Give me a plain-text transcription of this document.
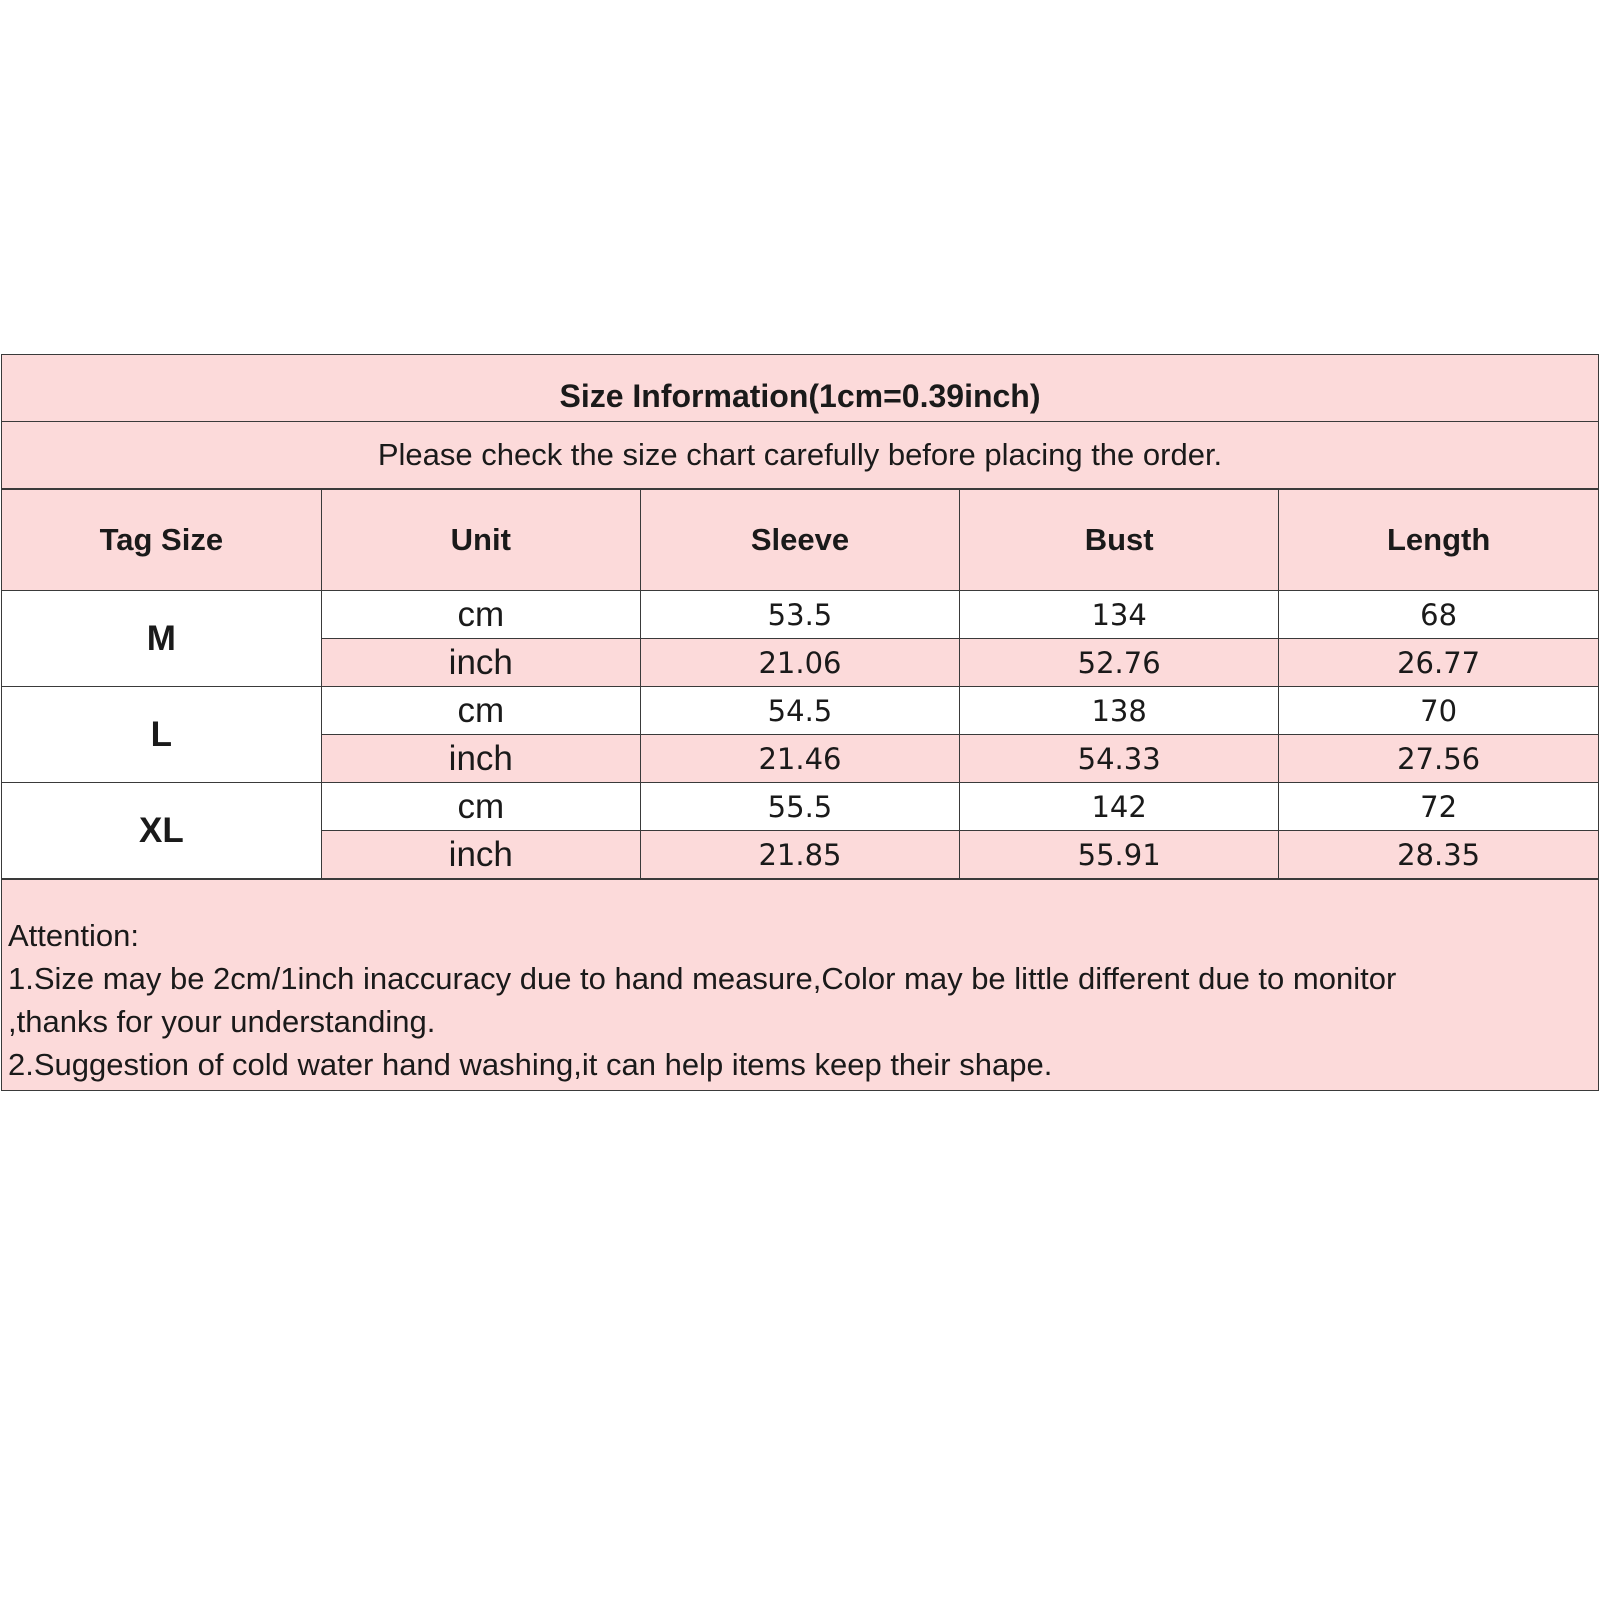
Size Information(1cm=0.39inch)
Please check the size chart carefully before placing the order.
Tag Size	Unit	Sleeve	Bust	Length
M	cm	53.5	134	68
	inch	21.06	52.76	26.77
L	cm	54.5	138	70
	inch	21.46	54.33	27.56
XL	cm	55.5	142	72
	inch	21.85	55.91	28.35
Attention:
1.Size may be 2cm/1inch inaccuracy due to hand measure,Color may be little different due to monitor
,thanks for your understanding.
2.Suggestion of cold water hand washing,it can help items keep their shape.
